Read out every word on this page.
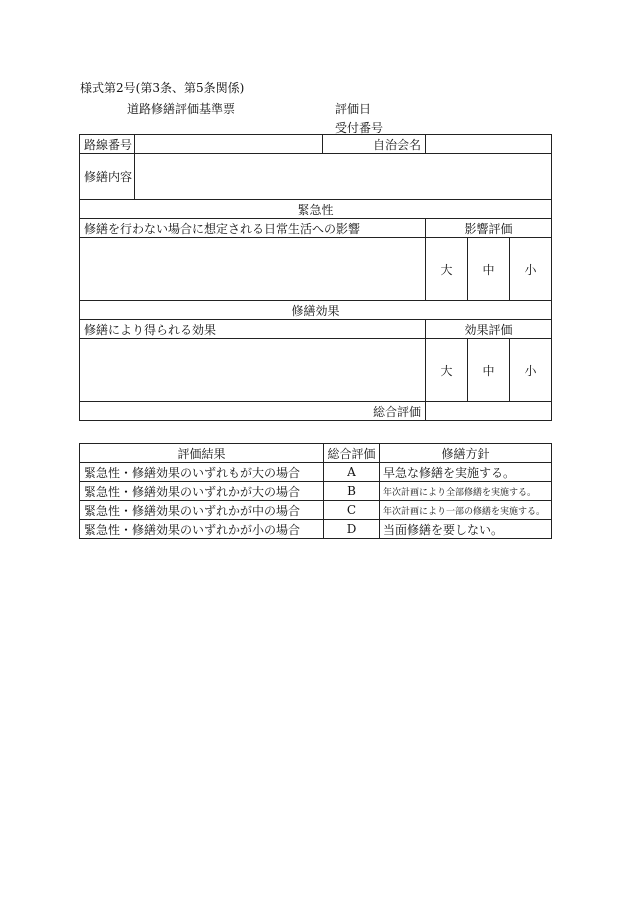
様式第2号(第3条、第5条関係)
道路修繕評価基準票	評価日
受付番号
路線番号		自治会名			
修繕内容					
緊急性					
修繕を行わない場合に想定される日常生活への影響			影響評価		
			大	中	小
修繕効果					
修繕により得られる効果			効果評価		
			大	中	小
総合評価					
評価結果	総合評価	修繕方針
緊急性・修繕効果のいずれもが大の場合	A	早急な修繕を実施する。
緊急性・修繕効果のいずれかが大の場合	B	年次計画により全部修繕を実施する。
緊急性・修繕効果のいずれかが中の場合	C	年次計画により一部の修繕を実施する。
緊急性・修繕効果のいずれかが小の場合	D	当面修繕を要しない。
